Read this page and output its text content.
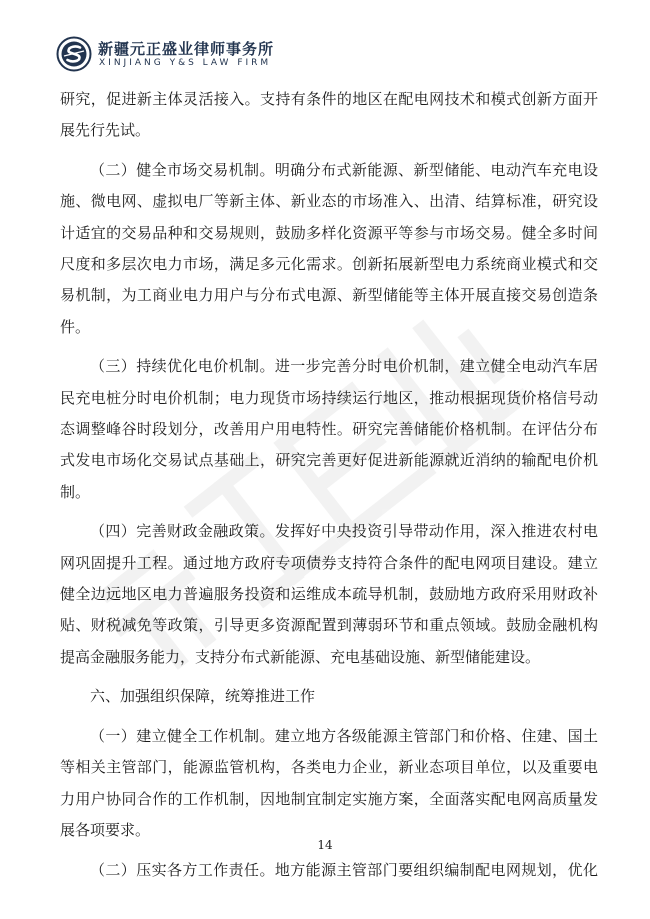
新疆元正盛业律师事务所
XINJIANG Y&S LAW FIRM
研究，促进新主体灵活接入。支持有条件的地区在配电网技术和模式创新方面开
展先行先试。
（二）健全市场交易机制。明确分布式新能源、新型储能、电动汽车充电设
施、微电网、虚拟电厂等新主体、新业态的市场准入、出清、结算标准，研究设
计适宜的交易品种和交易规则，鼓励多样化资源平等参与市场交易。健全多时间
尺度和多层次电力市场，满足多元化需求。创新拓展新型电力系统商业模式和交
易机制，为工商业电力用户与分布式电源、新型储能等主体开展直接交易创造条
件。
（三）持续优化电价机制。进一步完善分时电价机制，建立健全电动汽车居
民充电桩分时电价机制；电力现货市场持续运行地区，推动根据现货价格信号动
态调整峰谷时段划分，改善用户用电特性。研究完善储能价格机制。在评估分布
式发电市场化交易试点基础上，研究完善更好促进新能源就近消纳的输配电价机
制。
（四）完善财政金融政策。发挥好中央投资引导带动作用，深入推进农村电
网巩固提升工程。通过地方政府专项债券支持符合条件的配电网项目建设。建立
健全边远地区电力普遍服务投资和运维成本疏导机制，鼓励地方政府采用财政补
贴、财税减免等政策，引导更多资源配置到薄弱环节和重点领域。鼓励金融机构
提高金融服务能力，支持分布式新能源、充电基础设施、新型储能建设。
六、加强组织保障，统筹推进工作
（一）建立健全工作机制。建立地方各级能源主管部门和价格、住建、国土
等相关主管部门，能源监管机构，各类电力企业，新业态项目单位，以及重要电
力用户协同合作的工作机制，因地制宜制定实施方案，全面落实配电网高质量发
展各项要求。
（二）压实各方工作责任。地方能源主管部门要组织编制配电网规划，优化
14
